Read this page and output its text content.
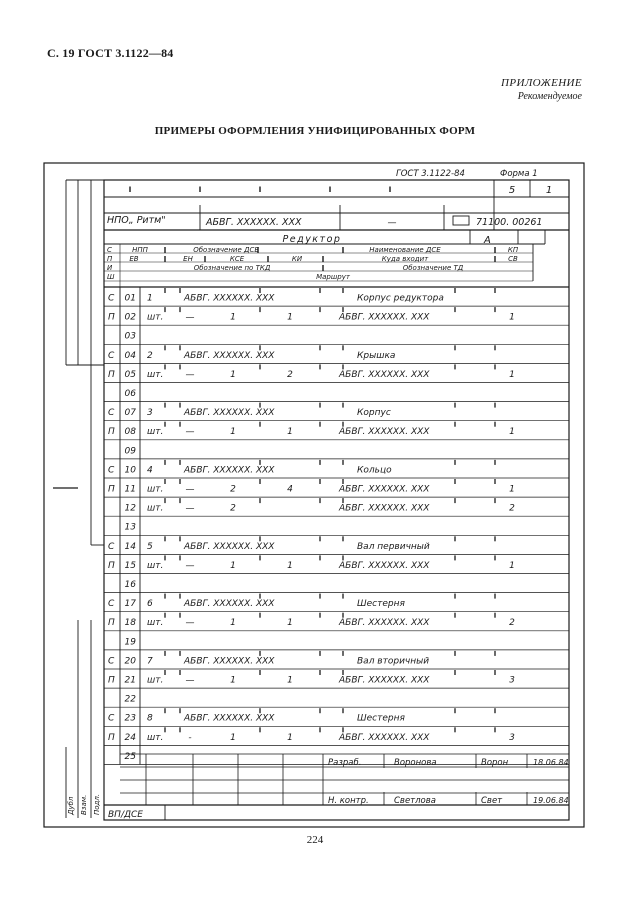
С. 19 ГОСТ 3.1122—84
ПРИЛОЖЕНИЕ
Рекомендуемое
ПРИМЕРЫ ОФОРМЛЕНИЯ УНИФИЦИРОВАННЫХ ФОРМ
ГОСТ 3.1122-84	Форма 1
5	1
НПО„ Ритм"	АБВГ. XXXXXX. XXX	—	71100. 00261
Редуктор	А
С	НПП	Обозначение ДСЕ	Наименование ДСЕ	КП
П ЕВ	ЕН	КСЕ	КИ	Куда входит	СВ
И	Обозначение по ТКД	Обозначение ТД
Ш	Маршрут
С 01 1	АБВГ. XXXXXX. XXX	Корпус редуктора
П 02 шт. —	1	1	АБВГ. XXXXXX. XXX	1
03
С 04 2	АБВГ. XXXXXX. XXX	Крышка
П 05 шт. —	1	2	АБВГ. XXXXXX. XXX	1
06
С 07 3	АБВГ. XXXXXX. XXX	Корпус
П 08 шт. —	1	1	АБВГ. XXXXXX. XXX	1
09
С 10 4	АБВГ. XXXXXX. XXX	Кольцо
П 11 шт. —	2	4	АБВГ. XXXXXX. XXX	1
12 шт. —	2	АБВГ. XXXXXX. XXX	2
13
С 14 5	АБВГ. XXXXXX. XXX	Вал первичный
П 15 шт. —	1	1	АБВГ. XXXXXX. XXX	1
16
С 17 6	АБВГ. XXXXXX. XXX	Шестерня
П 18 шт. —	1	1	АБВГ. XXXXXX. XXX	2
19
С 20 7	АБВГ. XXXXXX. XXX	Вал вторичный
П 21 шт. —	1	1	АБВГ. XXXXXX. XXX	3
22
С 23 8	АБВГ. XXXXXX. XXX	Шестерня
П 24 шт.	-	1	1	АБВГ. XXXXXX. XXX	3
25
Дубл Взам. Подл.
Разраб.	Воронова	Ворон	18.06.84
Н. контр.	Светлова	Свет	19.06.84
ВП/ДСЕ
224
